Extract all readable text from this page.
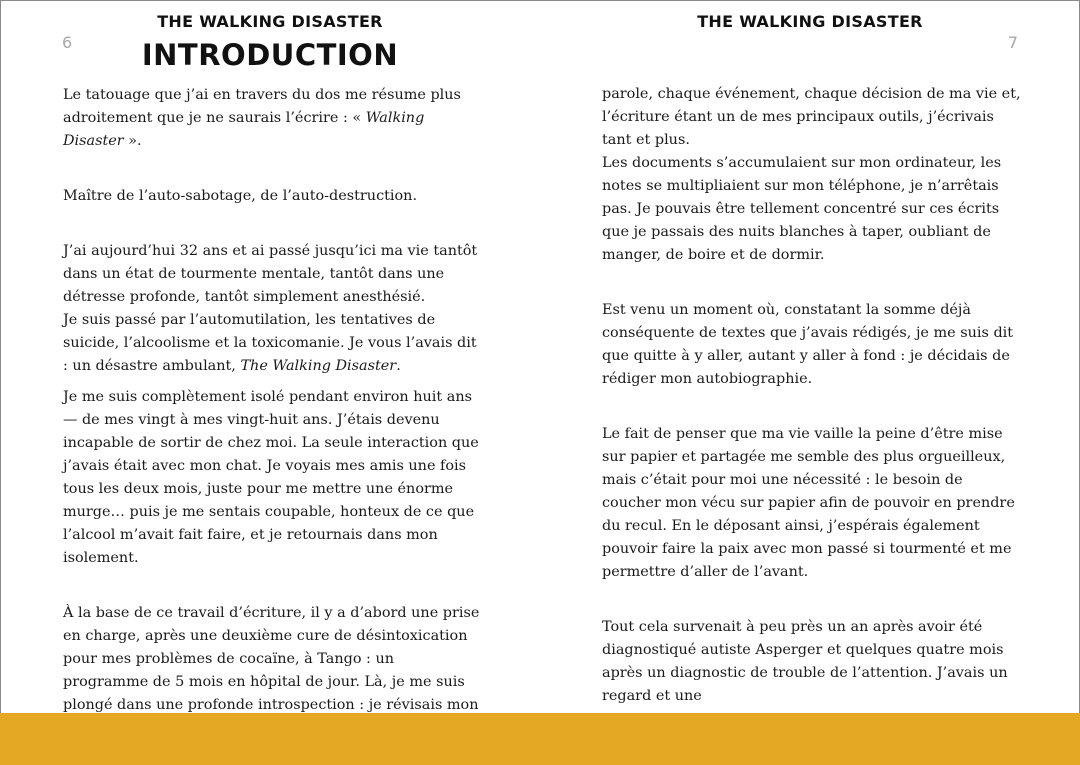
THE WALKING DISASTER
6	INTRODUCTION

Le tatouage que j’ai en travers du dos me résume plus adroitement que je ne saurais l’écrire : « Walking Disaster ».

Maître de l’auto-sabotage, de l’auto-destruction.

J’ai aujourd’hui 32 ans et ai passé jusqu’ici ma vie tantôt dans un état de tourmente mentale, tantôt dans une détresse profonde, tantôt simplement anesthésié.

Je suis passé par l’automutilation, les tentatives de suicide, l’alcoolisme et la toxicomanie. Je vous l’avais dit : un désastre ambulant, The Walking Disaster.

Je me suis complètement isolé pendant environ huit ans — de mes vingt à mes vingt-huit ans. J’étais devenu incapable de sortir de chez moi. La seule interaction que j’avais était avec mon chat. Je voyais mes amis une fois tous les deux mois, juste pour me mettre une énorme murge… puis je me sentais coupable, honteux de ce que l’alcool m’avait fait faire, et je retournais dans mon isolement.

À la base de ce travail d’écriture, il y a d’abord une prise en charge, après une deuxième cure de désintoxication pour mes problèmes de cocaïne, à Tango : un programme de 5 mois en hôpital de jour. Là, je me suis plongé dans une profonde introspection : je révisais mon

THE WALKING DISASTER
7

parole, chaque événement, chaque décision de ma vie et, l’écriture étant un de mes principaux outils, j’écrivais tant et plus.

Les documents s’accumulaient sur mon ordinateur, les notes se multipliaient sur mon téléphone, je n’arrêtais pas. Je pouvais être tellement concentré sur ces écrits que je passais des nuits blanches à taper, oubliant de manger, de boire et de dormir.

Est venu un moment où, constatant la somme déjà conséquente de textes que j’avais rédigés, je me suis dit que quitte à y aller, autant y aller à fond : je décidais de rédiger mon autobiographie.

Le fait de penser que ma vie vaille la peine d’être mise sur papier et partagée me semble des plus orgueilleux, mais c’était pour moi une nécessité : le besoin de coucher mon vécu sur papier afin de pouvoir en prendre du recul. En le déposant ainsi, j’espérais également pouvoir faire la paix avec mon passé si tourmenté et me permettre d’aller de l’avant.

Tout cela survenait à peu près un an après avoir été diagnostiqué autiste Asperger et quelques quatre mois après un diagnostic de trouble de l’attention. J’avais un regard et une
